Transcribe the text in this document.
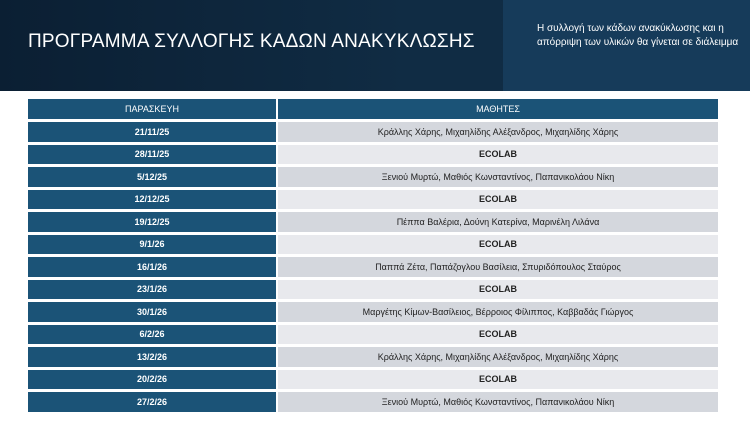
ΠΡΟΓΡΑΜΜΑ ΣΥΛΛΟΓΗΣ ΚΑΔΩΝ ΑΝΑΚΥΚΛΩΣΗΣ
Η συλλογή των κάδων ανακύκλωσης και η απόρριψη των υλικών θα γίνεται σε διάλειμμα
ΠΑΡΑΣΚΕΥΗ	ΜΑΘΗΤΕΣ
21/11/25	Κράλλης Χάρης, Μιχαηλίδης Αλέξανδρος, Μιχαηλίδης Χάρης
28/11/25	ECOLAB
5/12/25	Ξενιού Μυρτώ, Μαθιός Κωνσταντίνος, Παπανικολάου Νίκη
12/12/25	ECOLAB
19/12/25	Πέππα Βαλέρια, Δούνη Κατερίνα, Μαρινέλη Λιλάνα
9/1/26	ECOLAB
16/1/26	Παππά Ζέτα, Παπάζογλου Βασίλεια, Σπυριδόπουλος Σταύρος
23/1/26	ECOLAB
30/1/26	Μαργέτης Κίμων-Βασίλειος, Βέρροιος Φίλιππος, Καββαδάς Γιώργος
6/2/26	ECOLAB
13/2/26	Κράλλης Χάρης, Μιχαηλίδης Αλέξανδρος, Μιχαηλίδης Χάρης
20/2/26	ECOLAB
27/2/26	Ξενιού Μυρτώ, Μαθιός Κωνσταντίνος, Παπανικολάου Νίκη
